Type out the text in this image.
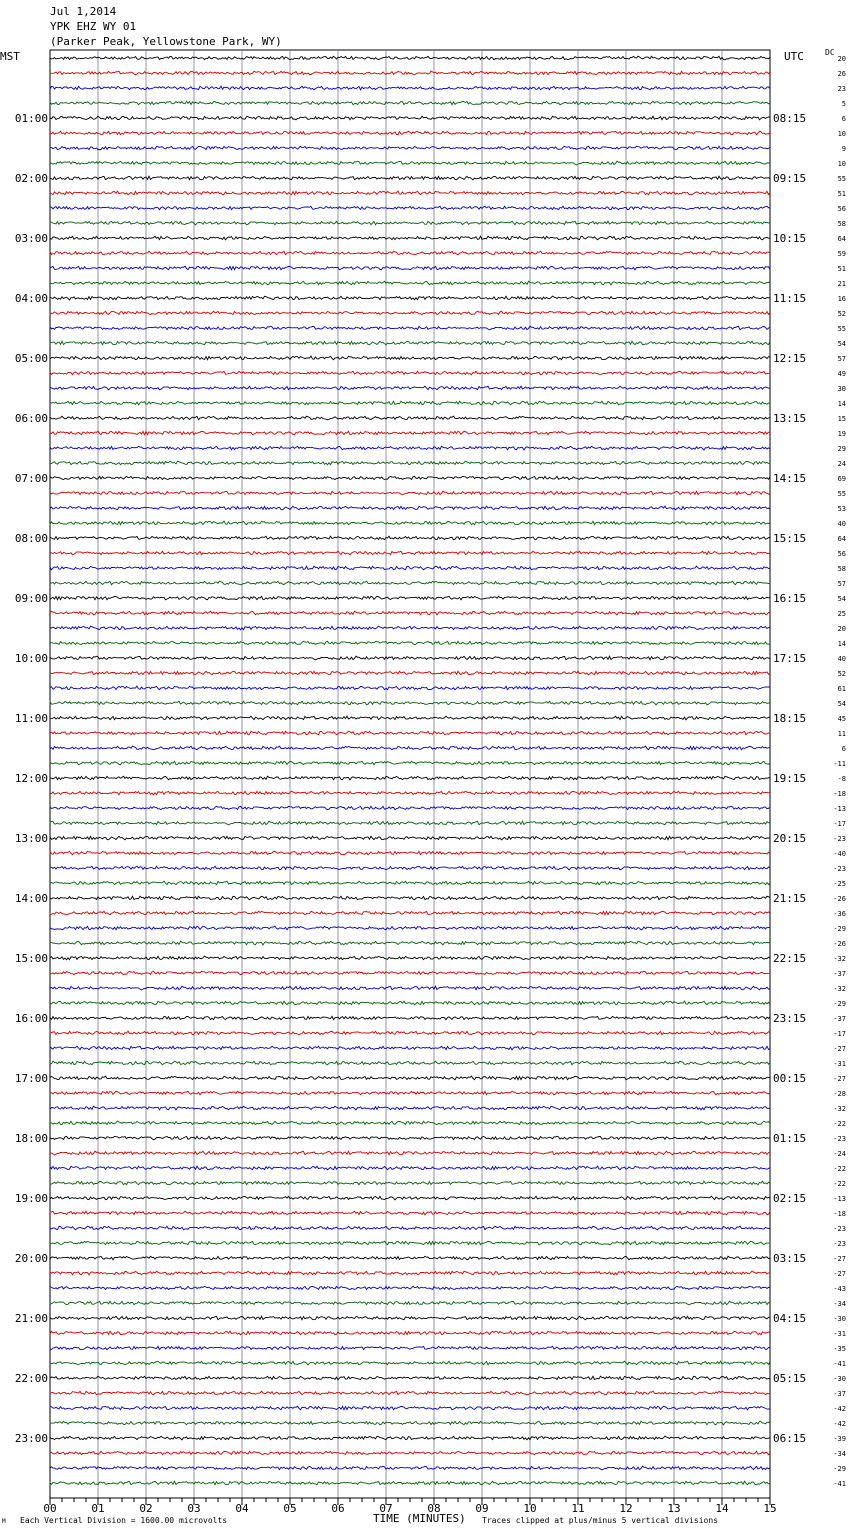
Jul 1,2014
YPK EHZ WY 01
(Parker Peak, Yellowstone Park, WY)
MST	UTC	DC
20
26
23
5
6
10
9
10
55
51
56
58
64
59
51
21
16
52
55
54
57
49
30
14
15
19
29
24
69
55
53
40
64
56
58
57
54
25
20
14
40
52
61
54
45
11
6
-11
-8
-18
-13
-17
-23
-40
-23
-25
-26
-36
-29
-26
-32
-37
-32
-29
-37
-17
-27
-31
-27
-28
-32
-22
-23
-24
-22
-22
-13
-18
-23
-23
-27
-27
-43
-34
-30
-31
-35
-41
-30
-37
-42
-42
-39
-34
-29
-41
01:00	08:15
02:00	09:15
03:00	10:15
04:00	11:15
05:00	12:15
06:00	13:15
07:00	14:15
08:00	15:15
09:00	16:15
10:00	17:15
11:00	18:15
12:00	19:15
13:00	20:15
14:00	21:15
15:00	22:15
16:00	23:15
17:00	00:15
18:00	01:15
19:00	02:15
20:00	03:15
21:00	04:15
22:00	05:15
23:00	06:15
00	01	02	03	04	05	06	07	08	09	10	11	12	13	14	15
M Each Vertical Division = 1600.00 microvolts	TIME (MINUTES) Traces clipped at plus/minus 5 vertical divisions
